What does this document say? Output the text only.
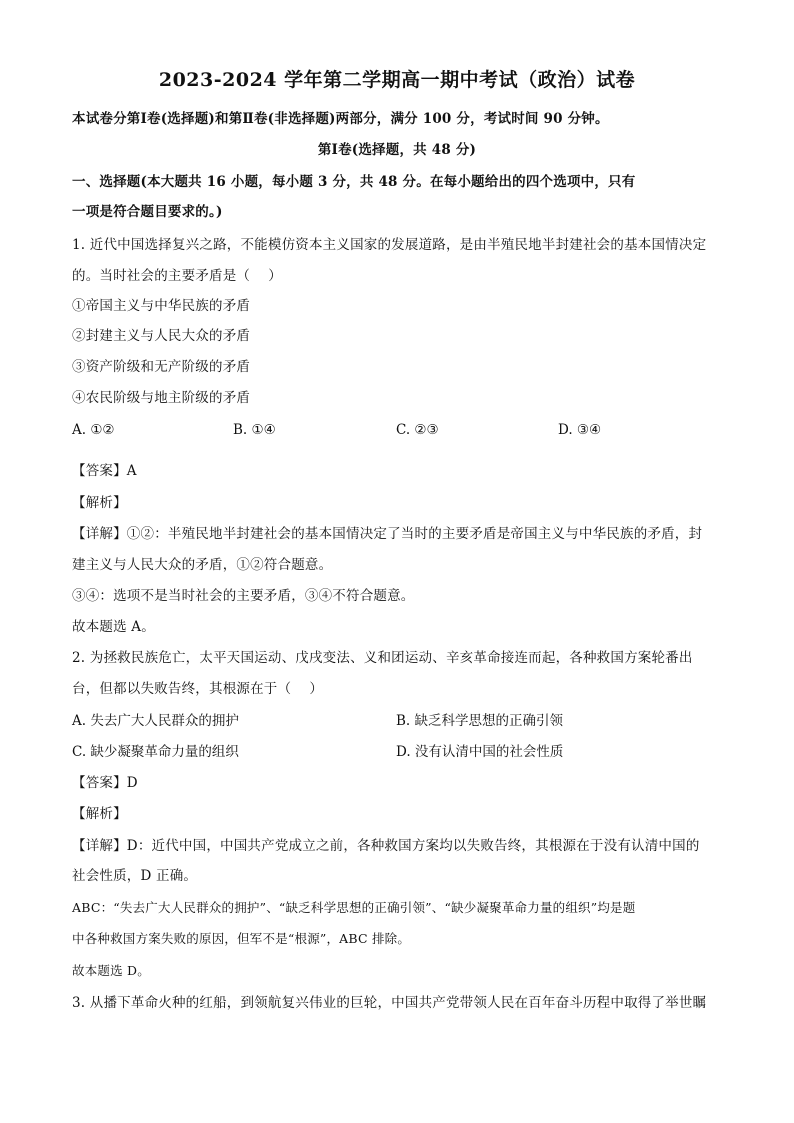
2023-2024 学年第二学期高一期中考试（政治）试卷
本试卷分第Ⅰ卷(选择题)和第Ⅱ卷(非选择题)两部分，满分 100 分，考试时间 90 分钟。
第Ⅰ卷(选择题，共 48 分)
一、选择题(本大题共 16 小题，每小题 3 分，共 48 分。在每小题给出的四个选项中，只有
一项是符合题目要求的。)
1. 近代中国选择复兴之路，不能模仿资本主义国家的发展道路，是由半殖民地半封建社会的基本国情决定
的。当时社会的主要矛盾是（　 ）
①帝国主义与中华民族的矛盾
②封建主义与人民大众的矛盾
③资产阶级和无产阶级的矛盾
④农民阶级与地主阶级的矛盾
A. ①②	B. ①④	C. ②③	D. ③④
【答案】A
【解析】
【详解】①②：半殖民地半封建社会的基本国情决定了当时的主要矛盾是帝国主义与中华民族的矛盾，封
建主义与人民大众的矛盾，①②符合题意。
③④：选项不是当时社会的主要矛盾，③④不符合题意。
故本题选 A。
2. 为拯救民族危亡，太平天国运动、戊戌变法、义和团运动、辛亥革命接连而起，各种救国方案轮番出
台，但都以失败告终，其根源在于（　 ）
A. 失去广大人民群众的拥护	B. 缺乏科学思想的正确引领
C. 缺少凝聚革命力量的组织	D. 没有认清中国的社会性质
【答案】D
【解析】
【详解】D：近代中国，中国共产党成立之前，各种救国方案均以失败告终，其根源在于没有认清中国的
社会性质，D 正确。
ABC：“失去广大人民群众的拥护”、“缺乏科学思想的正确引领”、“缺少凝聚革命力量的组织”均是题
中各种救国方案失败的原因，但军不是“根源”，ABC 排除。
故本题选 D。
3. 从播下革命火种的红船，到领航复兴伟业的巨轮，中国共产党带领人民在百年奋斗历程中取得了举世瞩
